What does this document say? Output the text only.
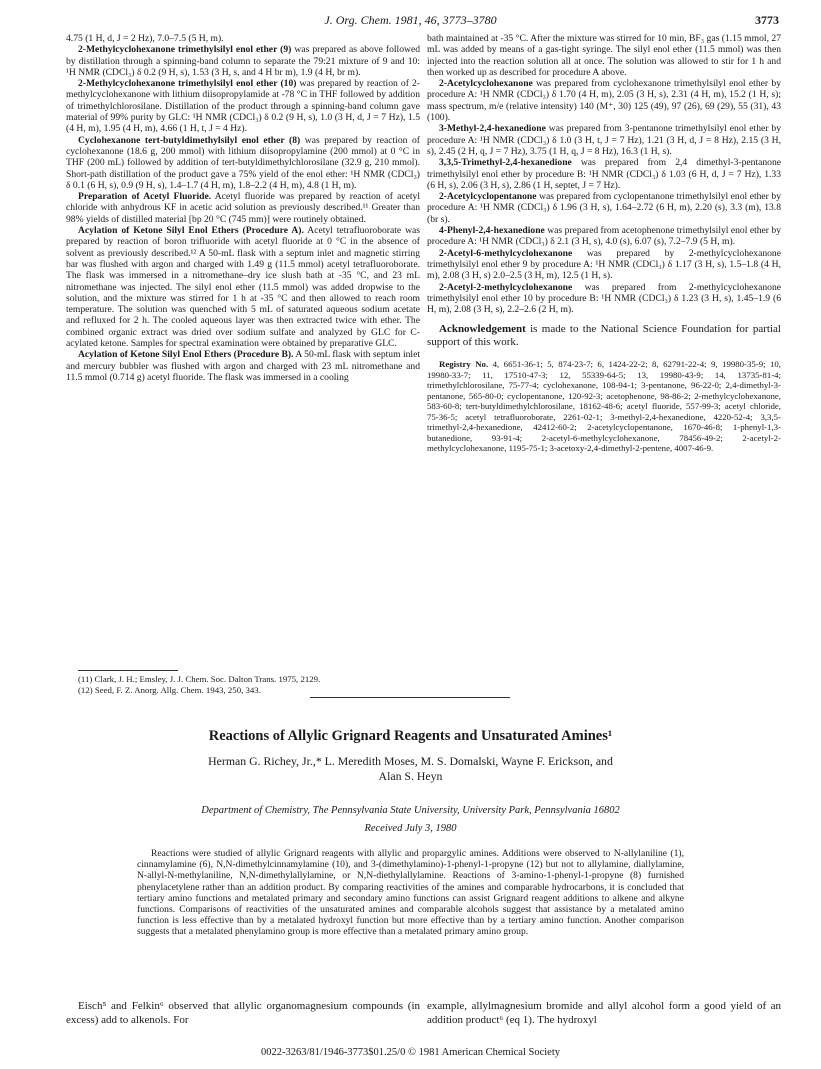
J. Org. Chem. 1981, 46, 3773–3780	3773

4.75 (1 H, d, J = 2 Hz), 7.0–7.5 (5 H, m).

2-Methylcyclohexanone trimethylsilyl enol ether (9) was prepared as above followed by distillation through a spinning-band column to separate the 79:21 mixture of 9 and 10: ¹H NMR (CDCl₃) δ 0.2 (9 H, s), 1.53 (3 H, s, and 4 H br m), 1.9 (4 H, br m).

2-Methylcyclohexanone trimethylsilyl enol ether (10) was prepared by reaction of 2-methylcyclohexanone with lithium diisopropylamide at -78 °C in THF followed by addition of trimethylchlorosilane. Distillation of the product through a spinning-band column gave material of 99% purity by GLC: ¹H NMR (CDCl₃) δ 0.2 (9 H, s), 1.0 (3 H, d, J = 7 Hz), 1.5 (4 H, m), 1.95 (4 H, m), 4.66 (1 H, t, J = 4 Hz).

Cyclohexanone tert-butyldimethylsilyl enol ether (8) was prepared by reaction of cyclohexanone (18.6 g, 200 mmol) with lithium diisopropylamine (200 mmol) at 0 °C in THF (200 mL) followed by addition of tert-butyldimethylchlorosilane (32.9 g, 210 mmol). Short-path distillation of the product gave a 75% yield of the enol ether: ¹H NMR (CDCl₃) δ 0.1 (6 H, s), 0.9 (9 H, s), 1.4–1.7 (4 H, m), 1.8–2.2 (4 H, m), 4.8 (1 H, m).

Preparation of Acetyl Fluoride. Acetyl fluoride was prepared by reaction of acetyl chloride with anhydrous KF in acetic acid solution as previously described.¹¹ Greater than 98% yields of distilled material [bp 20 °C (745 mm)] were routinely obtained.

Acylation of Ketone Silyl Enol Ethers (Procedure A). Acetyl tetrafluoroborate was prepared by reaction of boron trifluoride with acetyl fluoride at 0 °C in the absence of solvent as previously described.¹² A 50-mL flask with a septum inlet and magnetic stirring bar was flushed with argon and charged with 1.49 g (11.5 mmol) acetyl tetrafluoroborate. The flask was immersed in a nitromethane–dry ice slush bath at -35 °C, and 23 mL nitromethane was injected. The silyl enol ether (11.5 mmol) was added dropwise to the solution, and the mixture was stirred for 1 h at -35 °C and then allowed to reach room temperature. The solution was quenched with 5 mL of saturated aqueous sodium acetate and refluxed for 2 h. The cooled aqueous layer was then extracted twice with ether. The combined organic extract was dried over sodium sulfate and analyzed by GLC for C-acylated ketone. Samples for spectral examination were obtained by preparative GLC.

Acylation of Ketone Silyl Enol Ethers (Procedure B). A 50-mL flask with septum inlet and mercury bubbler was flushed with argon and charged with 23 mL nitromethane and 11.5 mmol (0.714 g) acetyl fluoride. The flask was immersed in a cooling

(11) Clark, J. H.; Emsley, J. J. Chem. Soc. Dalton Trans. 1975, 2129.
(12) Seed, F. Z. Anorg. Allg. Chem. 1943, 250, 343.

bath maintained at -35 °C. After the mixture was stirred for 10 min, BF₃ gas (1.15 mmol, 27 mL was added by means of a gas-tight syringe. The silyl enol ether (11.5 mmol) was then injected into the reaction solution all at once. The solution was allowed to stir for 1 h and then worked up as described for procedure A above.

2-Acetylcyclohexanone was prepared from cyclohexanone trimethylsilyl enol ether by procedure A: ¹H NMR (CDCl₃) δ 1.70 (4 H, m), 2.05 (3 H, s), 2.31 (4 H, m), 15.2 (1 H, s); mass spectrum, m/e (relative intensity) 140 (M⁺, 30) 125 (49), 97 (26), 69 (29), 55 (31), 43 (100).

3-Methyl-2,4-hexanedione was prepared from 3-pentanone trimethylsilyl enol ether by procedure A: ¹H NMR (CDCl₃) δ 1.0 (3 H, t, J = 7 Hz), 1.21 (3 H, d, J = 8 Hz), 2.15 (3 H, s), 2.45 (2 H, q, J = 7 Hz), 3.75 (1 H, q, J = 8 Hz), 16.3 (1 H, s).

3,3,5-Trimethyl-2,4-hexanedione was prepared from 2,4 dimethyl-3-pentanone trimethylsilyl enol ether by procedure B: ¹H NMR (CDCl₃) δ 1.03 (6 H, d, J = 7 Hz), 1.33 (6 H, s), 2.06 (3 H, s), 2.86 (1 H, septet, J = 7 Hz).

2-Acetylcyclopentanone was prepared from cyclopentanone trimethylsilyl enol ether by procedure A: ¹H NMR (CDCl₃) δ 1.96 (3 H, s), 1.64–2.72 (6 H, m), 2.20 (s), 3.3 (m), 13.8 (br s).

4-Phenyl-2,4-hexanedione was prepared from acetophenone trimethylsilyl enol ether by procedure A: ¹H NMR (CDCl₃) δ 2.1 (3 H, s), 4.0 (s), 6.07 (s), 7.2–7.9 (5 H, m).

2-Acetyl-6-methylcyclohexanone was prepared by 2-methylcyclohexanone trimethylsilyl enol ether 9 by procedure A: ¹H NMR (CDCl₃) δ 1.17 (3 H, s), 1.5–1.8 (4 H, m), 2.08 (3 H, s) 2.0–2.5 (3 H, m), 12.5 (1 H, s).

2-Acetyl-2-methylcyclohexanone was prepared from 2-methylcyclohexanone trimethylsilyl enol ether 10 by procedure B: ¹H NMR (CDCl₃) δ 1.23 (3 H, s), 1.45–1.9 (6 H, m), 2.08 (3 H, s), 2.2–2.6 (2 H, m).

Acknowledgement is made to the National Science Foundation for partial support of this work.

Registry No. 4, 6651-36-1; 5, 874-23-7; 6, 1424-22-2; 8, 62791-22-4; 9, 19980-35-9; 10, 19980-33-7; 11, 17510-47-3; 12, 55339-64-5; 13, 19980-43-9; 14, 13735-81-4; trimethylchlorosilane, 75-77-4; cyclohexanone, 108-94-1; 3-pentanone, 96-22-0; 2,4-dimethyl-3-pentanone, 565-80-0; cyclopentanone, 120-92-3; acetophenone, 98-86-2; 2-methylcyclohexanone, 583-60-8; tert-butyldimethylchlorosilane, 18162-48-6; acetyl fluoride, 557-99-3; acetyl chloride, 75-36-5; acetyl tetrafluoroborate, 2261-02-1; 3-methyl-2,4-hexanedione, 4220-52-4; 3,3,5-trimethyl-2,4-hexanedione, 42412-60-2; 2-acetylcyclopentanone, 1670-46-8; 1-phenyl-1,3-butanedione, 93-91-4; 2-acetyl-6-methylcyclohexanone, 78456-49-2; 2-acetyl-2-methylcyclohexanone, 1195-75-1; 3-acetoxy-2,4-dimethyl-2-pentene, 4007-46-9.

Reactions of Allylic Grignard Reagents and Unsaturated Amines¹
Herman G. Richey, Jr.,* L. Meredith Moses, M. S. Domalski, Wayne F. Erickson, and
Alan S. Heyn
Department of Chemistry, The Pennsylvania State University, University Park, Pennsylvania 16802
Received July 3, 1980
Reactions were studied of allylic Grignard reagents with allylic and propargylic amines. Additions were observed to N-allylaniline (1), cinnamylamine (6), N,N-dimethylcinnamylamine (10), and 3-(dimethylamino)-1-phenyl-1-propyne (12) but not to allylamine, diallylamine, N-allyl-N-methylaniline, N,N-dimethylallylamine, or N,N-diethylallylamine. Reactions of 3-amino-1-phenyl-1-propyne (8) furnished phenylacetylene rather than an addition product. By comparing reactivities of the amines and comparable hydrocarbons, it is concluded that tertiary amino functions and metalated primary and secondary amino functions can assist Grignard reagent additions to alkene and alkyne functions. Comparisons of reactivities of the unsaturated amines and comparable alcohols suggest that assistance by a metalated amino function is less effective than by a metalated hydroxyl function but more effective than by a tertiary amino function. Another comparison suggests that a metalated phenylamino group is more effective than a metalated primary amino group.
Eisch⁵ and Felkin⁶ observed that allylic organomagnesium compounds (in excess) add to alkenols. For
example, allylmagnesium bromide and allyl alcohol form a good yield of an addition product⁶ (eq 1). The hydroxyl
0022-3263/81/1946-3773$01.25/0 © 1981 American Chemical Society
